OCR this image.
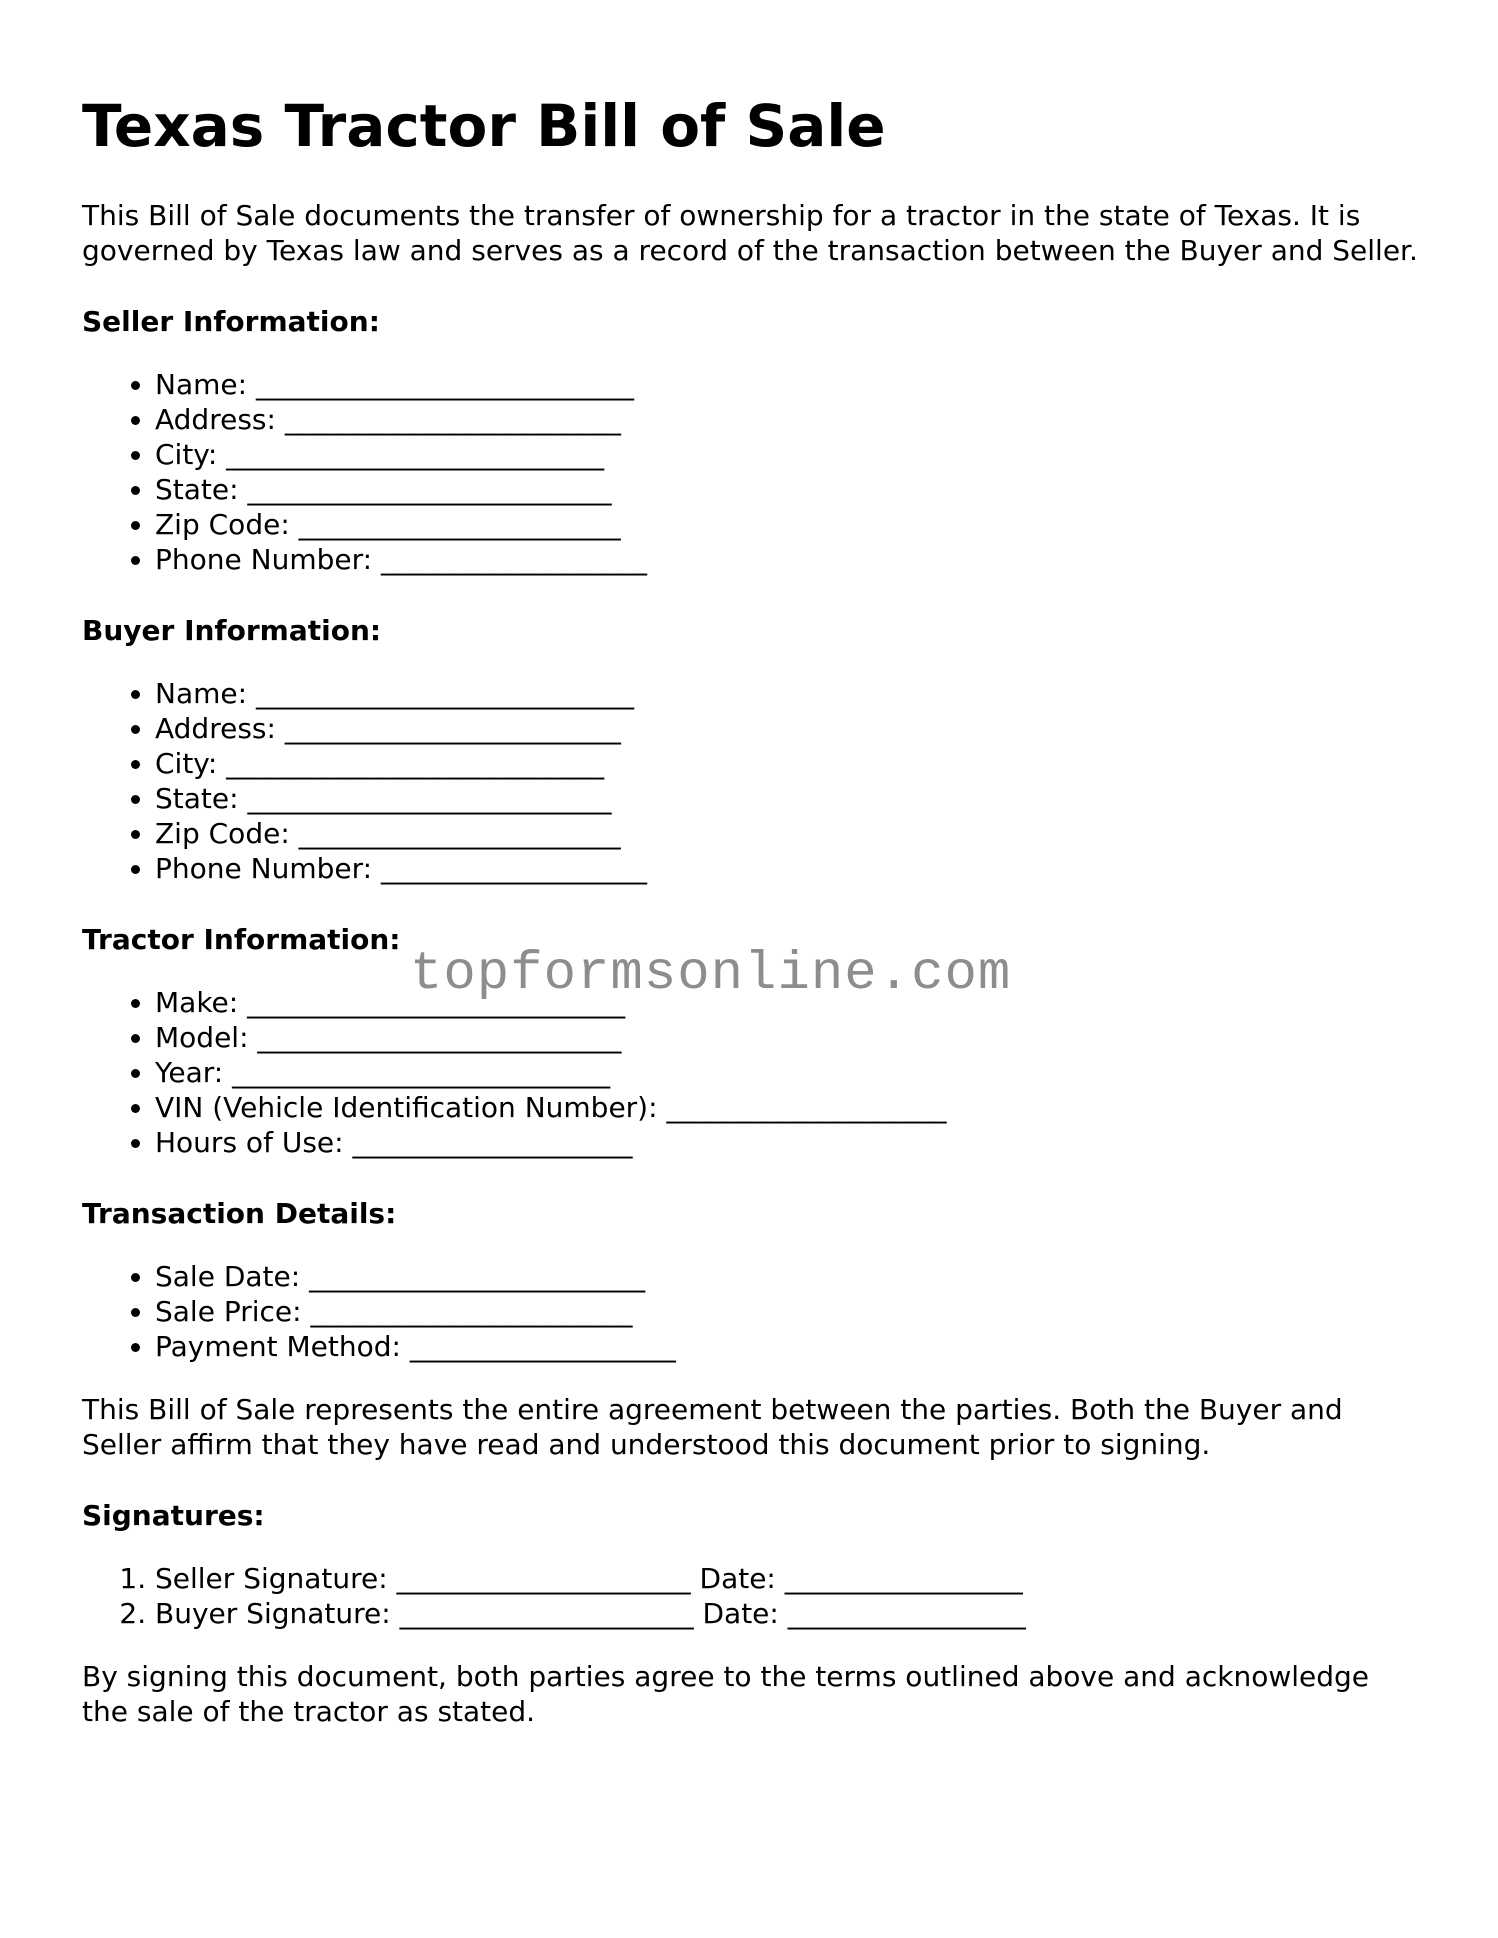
Texas Tractor Bill of Sale

This Bill of Sale documents the transfer of ownership for a tractor in the state of Texas. It is governed by Texas law and serves as a record of the transaction between the Buyer and Seller.

Seller Information:
• Name: ___________________________
• Address: ________________________
• City: ___________________________
• State: __________________________
• Zip Code: _______________________
• Phone Number: ___________________
Buyer Information:
• Name: ___________________________
• Address: ________________________
• City: ___________________________
• State: __________________________
• Zip Code: _______________________
• Phone Number: ___________________
Tractor Information:
• Make: ___________________________
• Model: __________________________
• Year: ___________________________
• VIN (Vehicle Identification Number): ____________________
• Hours of Use: ____________________
Transaction Details:
• Sale Date: ________________________
• Sale Price: _______________________
• Payment Method: ___________________

This Bill of Sale represents the entire agreement between the parties. Both the Buyer and Seller affirm that they have read and understood this document prior to signing.

Signatures:
1. Seller Signature: _____________________ Date: _________________
2. Buyer Signature: _____________________ Date: _________________

By signing this document, both parties agree to the terms outlined above and acknowledge the sale of the tractor as stated.

topformsonline.com
